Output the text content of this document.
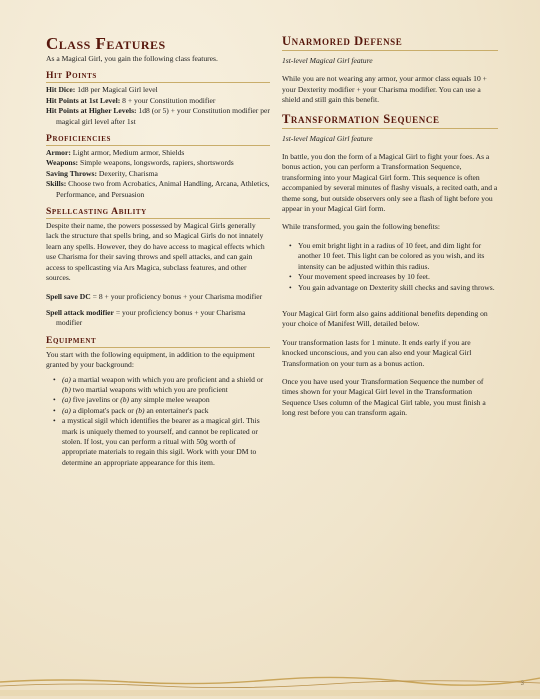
Class Features

As a Magical Girl, you gain the following class features.

Hit Points

Hit Dice: 1d8 per Magical Girl level

Hit Points at 1st Level: 8 + your Constitution modifier

Hit Points at Higher Levels: 1d8 (or 5) + your Constitution modifier per magical girl level after 1st

Proficiencies

Armor: Light armor, Medium armor, Shields

Weapons: Simple weapons, longswords, rapiers, shortswords

Saving Throws: Dexerity, Charisma

Skills: Choose two from Acrobatics, Animal Handling, Arcana, Athletics, Performance, and Persuasion

Spellcasting Ability

Despite their name, the powers possessed by Magical Girls generally lack the structure that spells bring, and so Magical Girls do not innately learn any spells. However, they do have access to magical effects which use Charisma for their saving throws and spell attacks, and can gain access to spellcasting via Ars Magica, subclass features, and other sources.

Spell save DC = 8 + your proficiency bonus + your Charisma modifier

Spell attack modifier = your proficiency bonus + your Charisma modifier

Equipment

You start with the following equipment, in addition to the equipment granted by your background:

• (a) a martial weapon with which you are proficient and a shield or (b) two martial weapons with which you are proficient
• (a) five javelins or (b) any simple melee weapon
• (a) a diplomat's pack or (b) an entertainer's pack
• a mystical sigil which identifies the bearer as a magical girl. This mark is uniquely themed to yourself, and cannot be replicated or stolen. If lost, you can perform a ritual with 50g worth of appropriate materials to regain this sigil. Work with your DM to determine an appropriate appearance for this item.
Unarmored Defense

1st-level Magical Girl feature

While you are not wearing any armor, your armor class equals 10 + your Dexterity modifier + your Charisma modifier. You can use a shield and still gain this benefit.

Transformation Sequence

1st-level Magical Girl feature

In battle, you don the form of a Magical Girl to fight your foes. As a bonus action, you can perform a Transformation Sequence, transforming into your Magical Girl form. This sequence is often accompanied by several minutes of flashy visuals, a recited oath, and a theme song, but outside observers only see a flash of light before you appear in your Magical Girl form.

While transformed, you gain the following benefits:

• You emit bright light in a radius of 10 feet, and dim light for another 10 feet. This light can be colored as you wish, and its intensity can be adjusted within this radius.
• Your movement speed increases by 10 feet.
• You gain advantage on Dexterity skill checks and saving throws.

Your Magical Girl form also gains additional benefits depending on your choice of Manifest Will, detailed below.

Your transformation lasts for 1 minute. It ends early if you are knocked unconscious, and you can also end your Magical Girl Transformation on your turn as a bonus action.

Once you have used your Transformation Sequence the number of times shown for your Magical Girl level in the Transformation Sequence Uses column of the Magical Girl table, you must finish a long rest before you can transform again.

3
